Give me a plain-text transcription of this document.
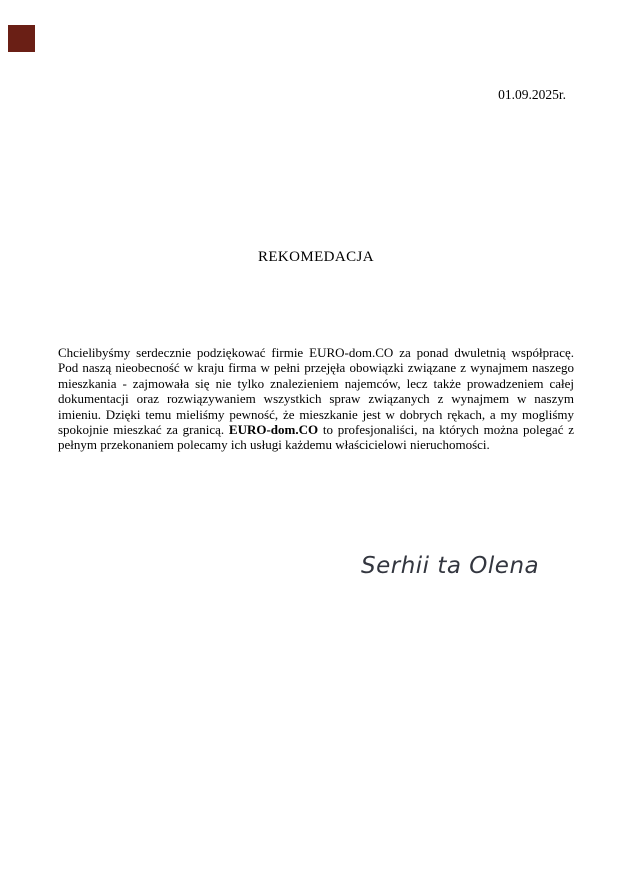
01.09.2025r.
REKOMEDACJA

Chcielibyśmy serdecznie podziękować firmie EURO-dom.CO za ponad dwuletnią współpracę. Pod naszą nieobecność w kraju firma w pełni przejęła obowiązki związane z wynajmem naszego mieszkania - zajmowała się nie tylko znalezieniem najemców, lecz także prowadzeniem całej dokumentacji oraz rozwiązywaniem wszystkich spraw związanych z wynajmem w naszym imieniu. Dzięki temu mieliśmy pewność, że mieszkanie jest w dobrych rękach, a my mogliśmy spokojnie mieszkać za granicą. EURO-dom.CO to profesjonaliści, na których można polegać z pełnym przekonaniem polecamy ich usługi każdemu właścicielowi nieruchomości.

Serhii ta Olena
